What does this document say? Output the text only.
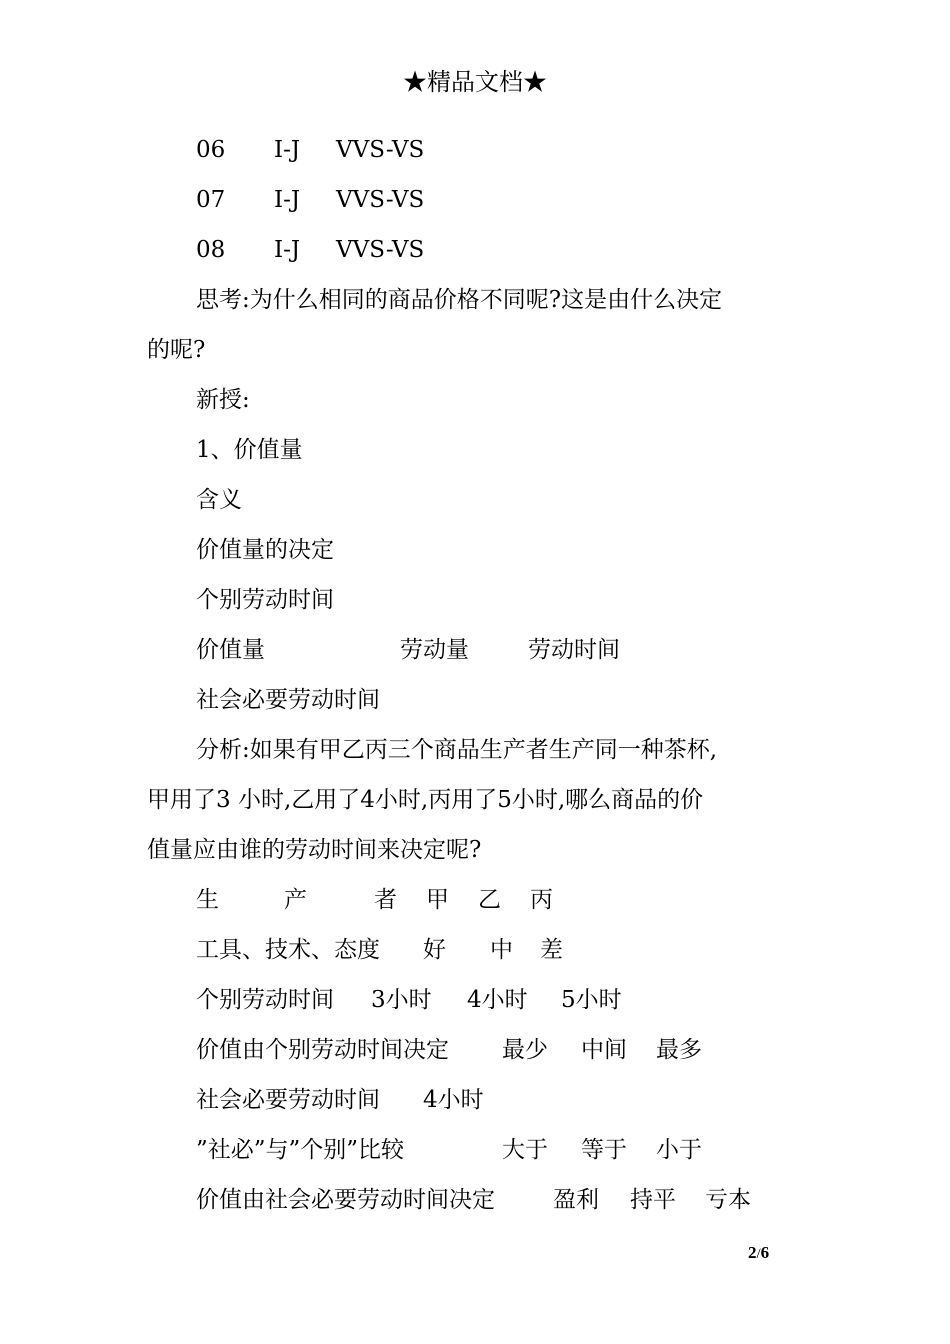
★精品文档★
06 I-J VVS-VS
07 I-J VVS-VS
08 I-J VVS-VS
思考:为什么相同的商品价格不同呢?这是由什么决定
的呢?
新授:
1、价值量
含义
价值量的决定
个别劳动时间
价值量	劳动量	劳动时间
社会必要劳动时间
分析:如果有甲乙丙三个商品生产者生产同一种茶杯,
甲用了3 小时,乙用了4小时,丙用了5小时,哪么商品的价
值量应由谁的劳动时间来决定呢?
生	产	者 甲 乙 丙
工具、技术、态度 好 中 差
个别劳动时间 3小时 4小时 5小时
价值由个别劳动时间决定 最少 中间 最多
社会必要劳动时间 4小时
”社必”与”个别”比较	大于 等于 小于
价值由社会必要劳动时间决定	盈利 持平 亏本
2/6
